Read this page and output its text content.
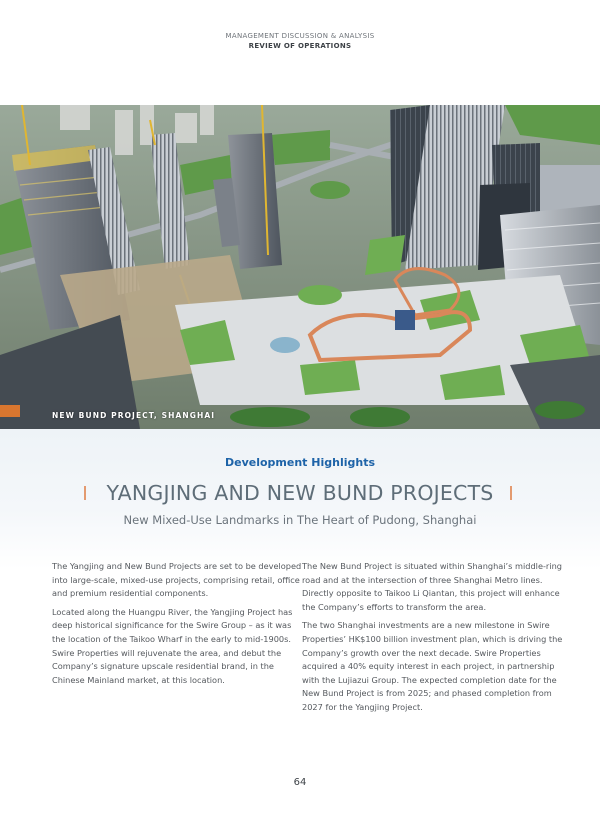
MANAGEMENT DISCUSSION & ANALYSIS
REVIEW OF OPERATIONS
NEW BUND PROJECT, SHANGHAI
Development Highlights
YANGJING AND NEW BUND PROJECTS
New Mixed-Use Landmarks in The Heart of Pudong, Shanghai

The Yangjing and New Bund Projects are set to be developed into large-scale, mixed-use projects, comprising retail, office and premium residential components.

Located along the Huangpu River, the Yangjing Project has deep historical significance for the Swire Group – as it was the location of the Taikoo Wharf in the early to mid-1900s. Swire Properties will rejuvenate the area, and debut the Company’s signature upscale residential brand, in the Chinese Mainland market, at this location.

The New Bund Project is situated within Shanghai’s middle-ring road and at the intersection of three Shanghai Metro lines. Directly opposite to Taikoo Li Qiantan, this project will enhance the Company’s efforts to transform the area.

The two Shanghai investments are a new milestone in Swire Properties’ HK$100 billion investment plan, which is driving the Company’s growth over the next decade. Swire Properties acquired a 40% equity interest in each project, in partnership with the Lujiazui Group. The expected completion date for the New Bund Project is from 2025; and phased completion from 2027 for the Yangjing Project.

64
